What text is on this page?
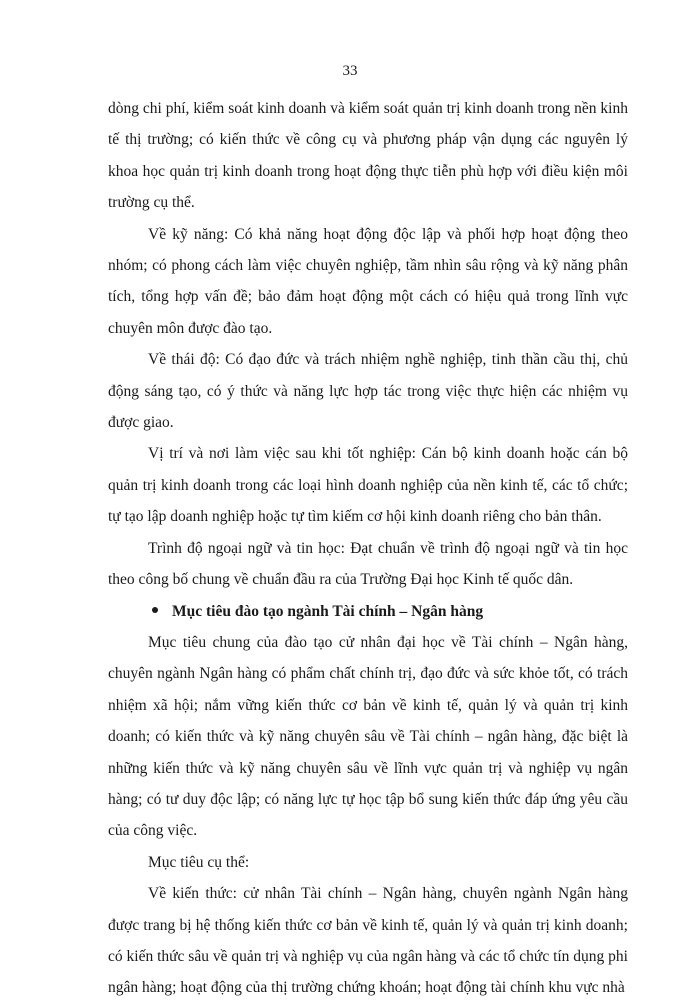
33

dòng chi phí, kiểm soát kinh doanh và kiểm soát quản trị kinh doanh trong nền kinh tế thị trường; có kiến thức về công cụ và phương pháp vận dụng các nguyên lý khoa học quản trị kinh doanh trong hoạt động thực tiễn phù hợp với điều kiện môi trường cụ thể.

Về kỹ năng: Có khả năng hoạt động độc lập và phối hợp hoạt động theo nhóm; có phong cách làm việc chuyên nghiệp, tầm nhìn sâu rộng và kỹ năng phân tích, tổng hợp vấn đề; bảo đảm hoạt động một cách có hiệu quả trong lĩnh vực chuyên môn được đào tạo.

Về thái độ: Có đạo đức và trách nhiệm nghề nghiệp, tinh thần cầu thị, chủ động sáng tạo, có ý thức và năng lực hợp tác trong việc thực hiện các nhiệm vụ được giao.

Vị trí và nơi làm việc sau khi tốt nghiệp: Cán bộ kinh doanh hoặc cán bộ quản trị kinh doanh trong các loại hình doanh nghiệp của nền kinh tế, các tổ chức; tự tạo lập doanh nghiệp hoặc tự tìm kiếm cơ hội kinh doanh riêng cho bản thân.

Trình độ ngoại ngữ và tin học: Đạt chuẩn về trình độ ngoại ngữ và tin học theo công bố chung về chuẩn đầu ra của Trường Đại học Kinh tế quốc dân.

Mục tiêu đào tạo ngành Tài chính – Ngân hàng

Mục tiêu chung của đào tạo cử nhân đại học về Tài chính – Ngân hàng, chuyên ngành Ngân hàng có phẩm chất chính trị, đạo đức và sức khỏe tốt, có trách nhiệm xã hội; nắm vững kiến thức cơ bản về kinh tế, quản lý và quản trị kinh doanh; có kiến thức và kỹ năng chuyên sâu về Tài chính – ngân hàng, đặc biệt là những kiến thức và kỹ năng chuyên sâu về lĩnh vực quản trị và nghiệp vụ ngân hàng; có tư duy độc lập; có năng lực tự học tập bổ sung kiến thức đáp ứng yêu cầu của công việc.

Mục tiêu cụ thể:

Về kiến thức: cử nhân Tài chính – Ngân hàng, chuyên ngành Ngân hàng được trang bị hệ thống kiến thức cơ bản về kinh tế, quản lý và quản trị kinh doanh; có kiến thức sâu về quản trị và nghiệp vụ của ngân hàng và các tổ chức tín dụng phi ngân hàng; hoạt động của thị trường chứng khoán; hoạt động tài chính khu vực nhà
